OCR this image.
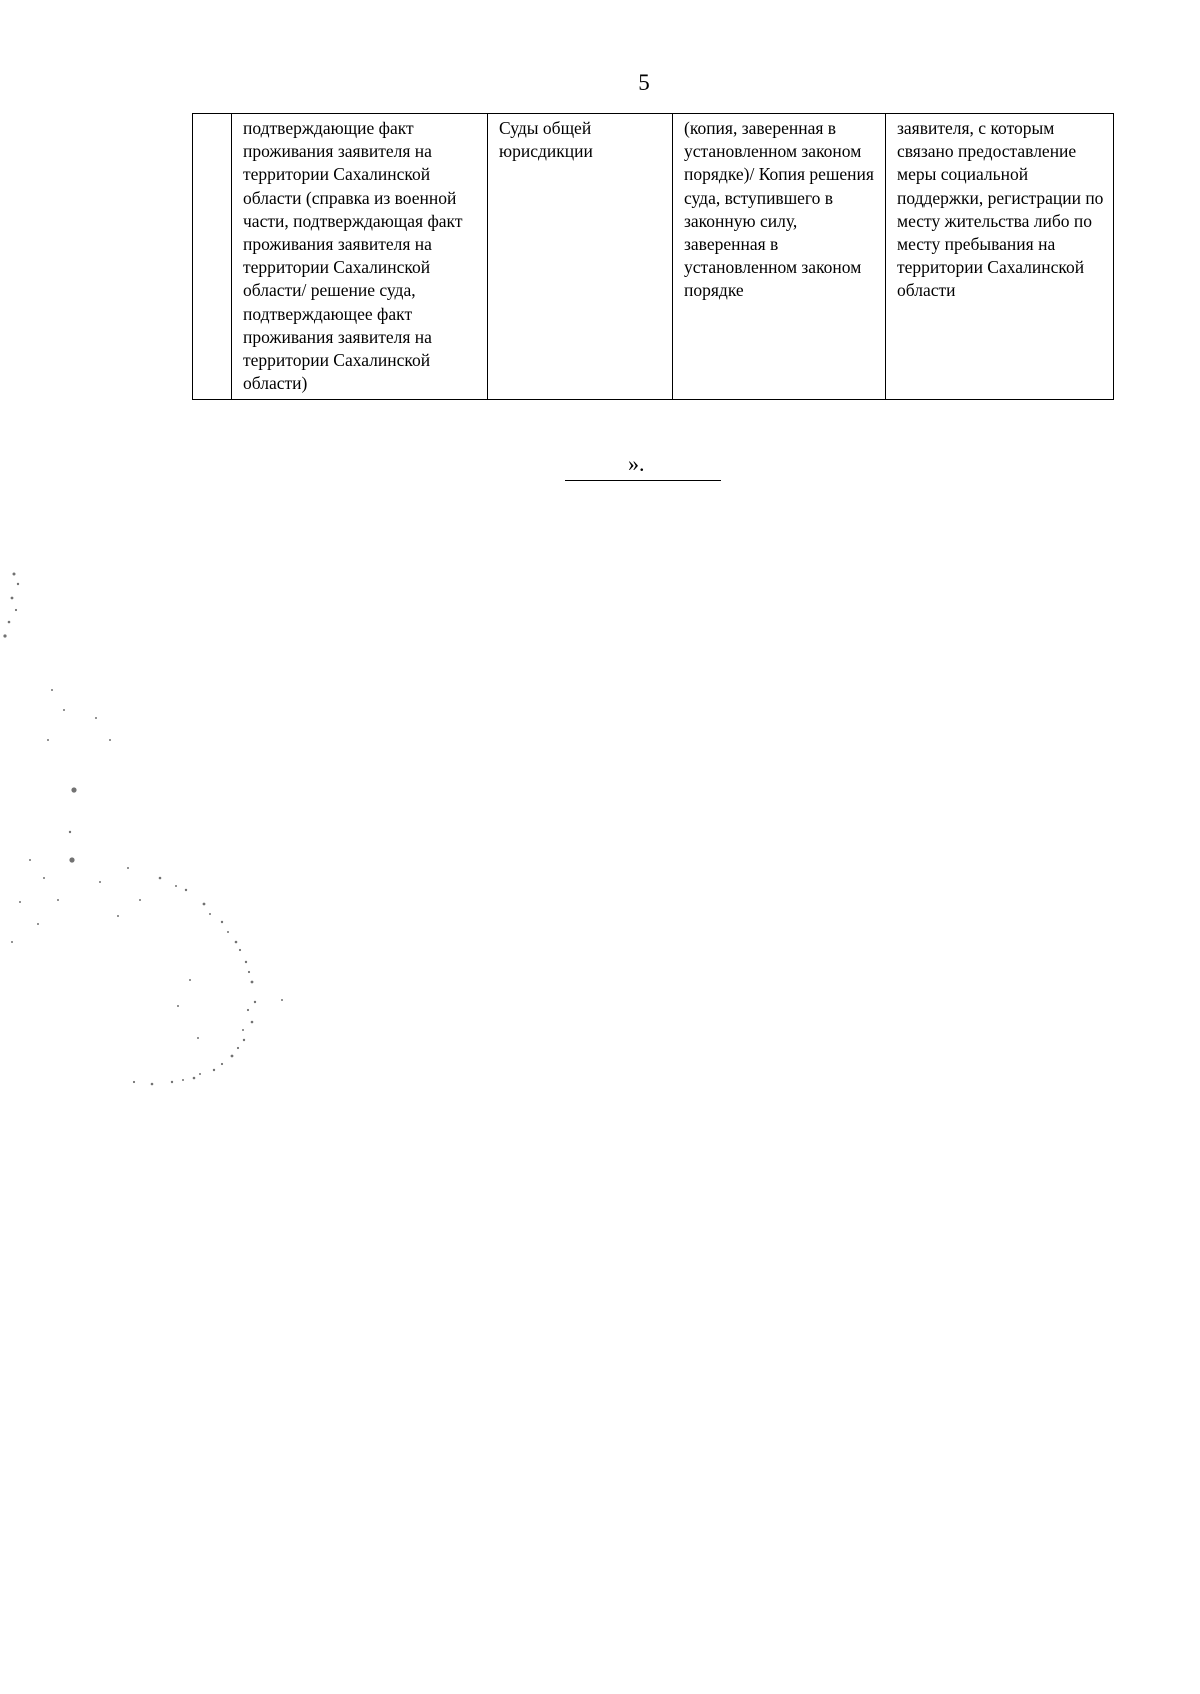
5
	подтверждающие факт проживания заявителя на территории Сахалинской области (справка из военной части, подтверждающая факт проживания заявителя на территории Сахалинской области/ решение суда, подтверждающее факт проживания заявителя на территории Сахалинской области)	Суды общей юрисдикции	(копия, заверенная в установленном законом порядке)/ Копия решения суда, вступившего в законную силу, заверенная в установленном законом порядке	заявителя, с которым связано предоставление меры социальной поддержки, регистрации по месту жительства либо по месту пребывания на территории Сахалинской области
».
